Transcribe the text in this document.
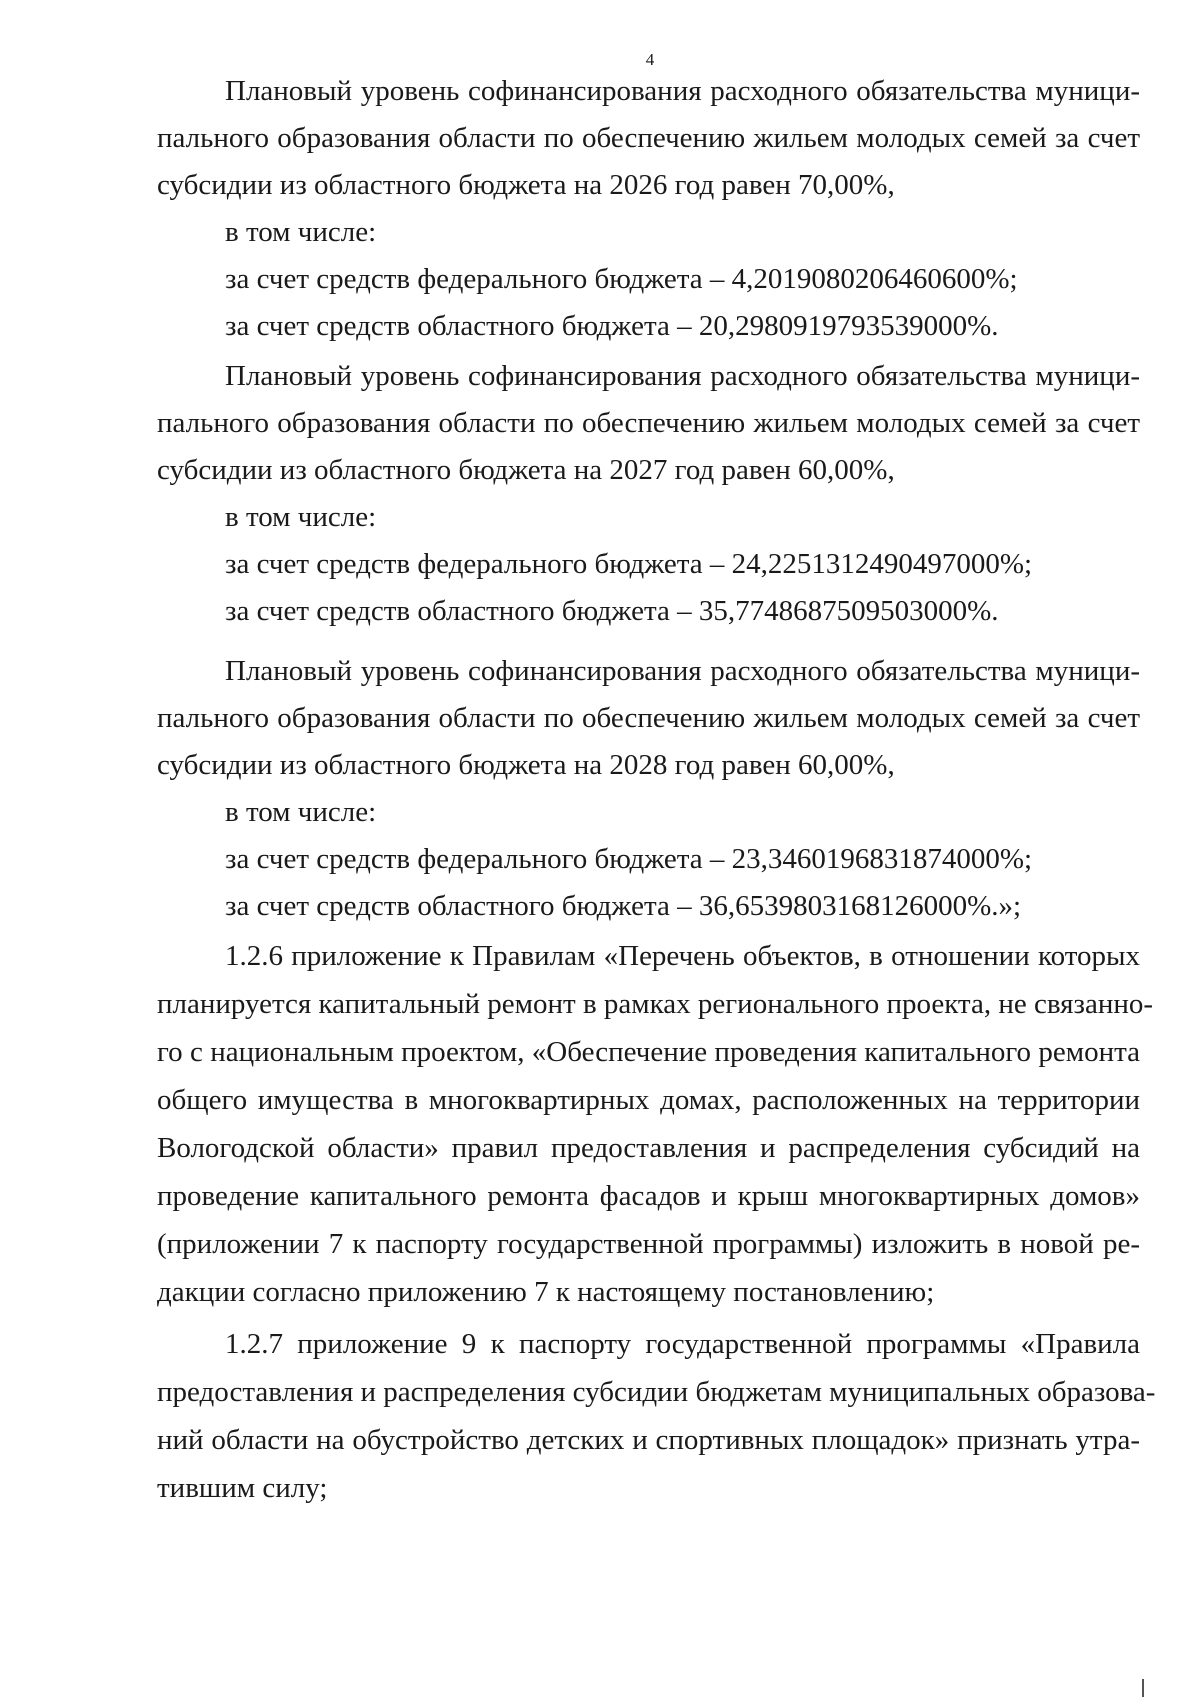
4
Плановый уровень софинансирования расходного обязательства муници-
пального образования области по обеспечению жильем молодых семей за счет
субсидии из областного бюджета на 2026 год равен 70,00%,
в том числе:
за счет средств федерального бюджета – 4,2019080206460600%;
за счет средств областного бюджета – 20,2980919793539000%.
Плановый уровень софинансирования расходного обязательства муници-
пального образования области по обеспечению жильем молодых семей за счет
субсидии из областного бюджета на 2027 год равен 60,00%,
в том числе:
за счет средств федерального бюджета – 24,2251312490497000%;
за счет средств областного бюджета – 35,7748687509503000%.
Плановый уровень софинансирования расходного обязательства муници-
пального образования области по обеспечению жильем молодых семей за счет
субсидии из областного бюджета на 2028 год равен 60,00%,
в том числе:
за счет средств федерального бюджета – 23,3460196831874000%;
за счет средств областного бюджета – 36,6539803168126000%.»;
1.2.6 приложение к Правилам «Перечень объектов, в отношении которых
планируется капитальный ремонт в рамках регионального проекта, не связанно-
го с национальным проектом, «Обеспечение проведения капитального ремонта
общего имущества в многоквартирных домах, расположенных на территории
Вологодской области» правил предоставления и распределения субсидий на
проведение капитального ремонта фасадов и крыш многоквартирных домов»
(приложении 7 к паспорту государственной программы) изложить в новой ре-
дакции согласно приложению 7 к настоящему постановлению;
1.2.7 приложение 9 к паспорту государственной программы «Правила
предоставления и распределения субсидии бюджетам муниципальных образова-
ний области на обустройство детских и спортивных площадок» признать утра-
тившим силу;
